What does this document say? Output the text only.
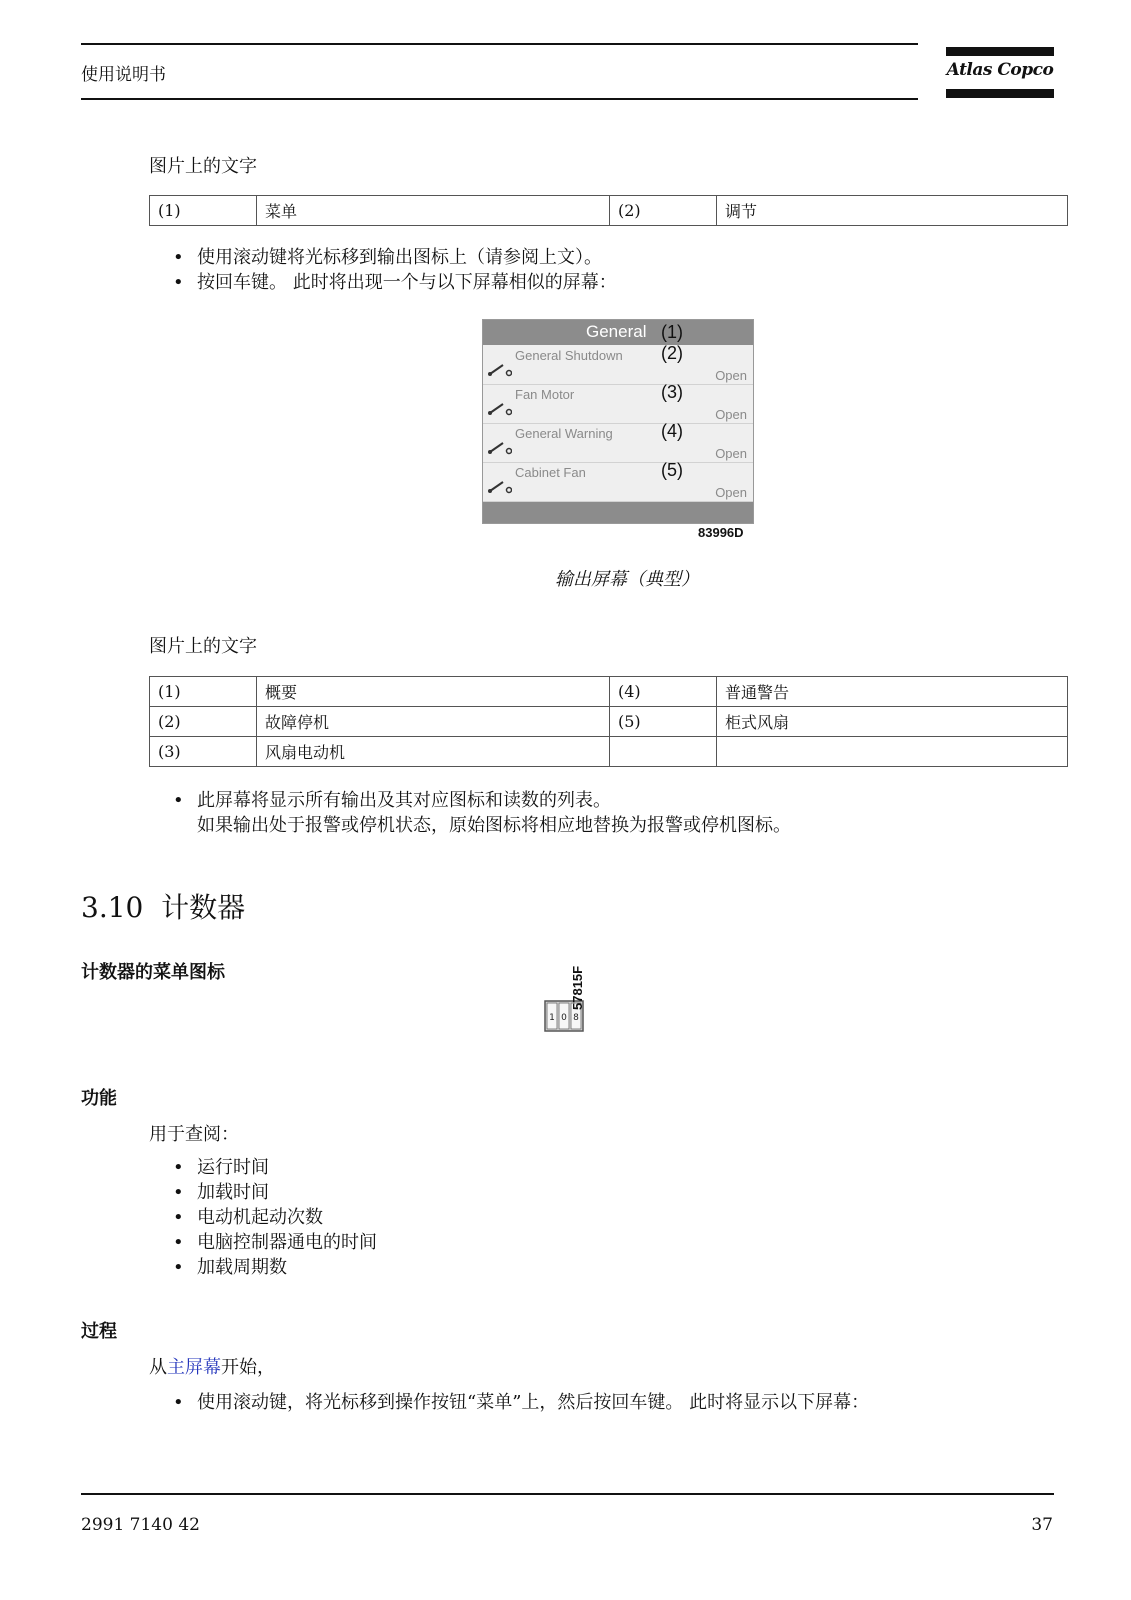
使用说明书	Atlas Copco
图片上的文字
(1)	菜单	(2)	调节
• 使用滚动键将光标移到输出图标上（请参阅上文）。
• 按回车键。 此时将出现一个与以下屏幕相似的屏幕：
General
General Shutdown
Open
Fan Motor
Open
General Warning
Open
Cabinet Fan
Open
(1)
(2)
(3)
(4)
(5)
83996D
输出屏幕（典型）
图片上的文字
(1)	概要	(4)	普通警告
(2)	故障停机	(5)	柜式风扇
(3)	风扇电动机		
• 此屏幕将显示所有输出及其对应图标和读数的列表。
如果输出处于报警或停机状态，原始图标将相应地替换为报警或停机图标。
3.10 计数器
计数器的菜单图标
1 0 8
57815F
功能
用于查阅：
• 运行时间
• 加载时间
• 电动机起动次数
• 电脑控制器通电的时间
• 加载周期数
过程
从主屏幕开始，
• 使用滚动键，将光标移到操作按钮“菜单”上，然后按回车键。 此时将显示以下屏幕：
2991 7140 42	37
